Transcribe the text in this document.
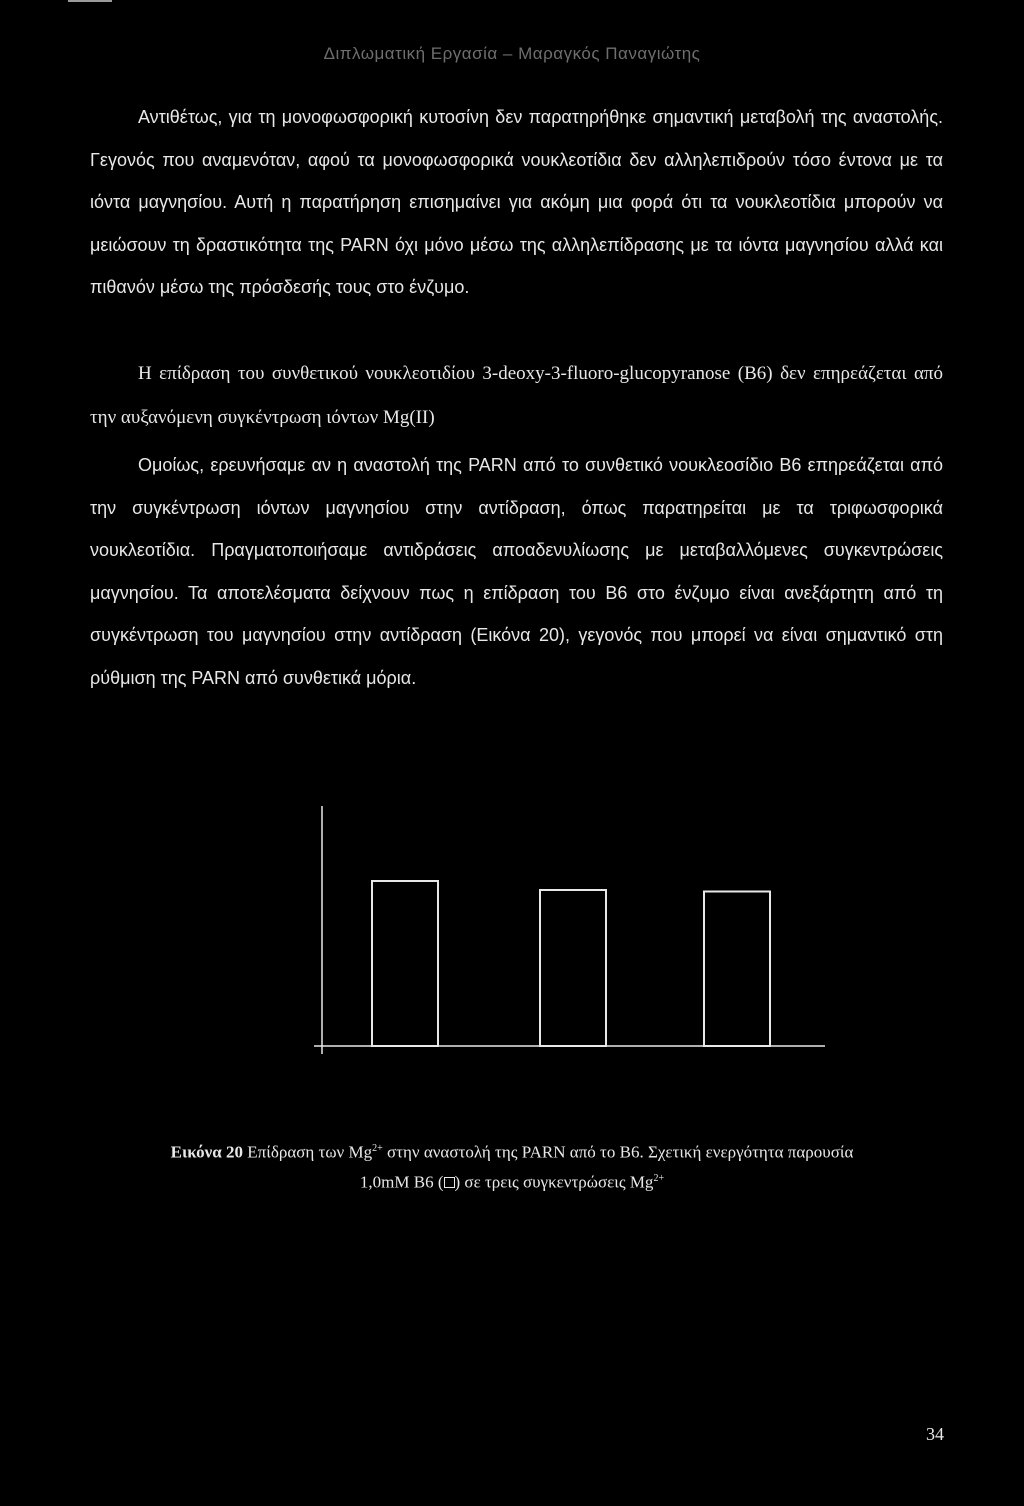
Διπλωματική Εργασία – Μαραγκός Παναγιώτης

Αντιθέτως, για τη μονοφωσφορική κυτοσίνη δεν παρατηρήθηκε σημαντική μεταβολή της αναστολής. Γεγονός που αναμενόταν, αφού τα μονοφωσφορικά νουκλεοτίδια δεν αλληλεπιδρούν τόσο έντονα με τα ιόντα μαγνησίου. Αυτή η παρατήρηση επισημαίνει για ακόμη μια φορά ότι τα νουκλεοτίδια μπορούν να μειώσουν τη δραστικότητα της PARN όχι μόνο μέσω της αλληλεπίδρασης με τα ιόντα μαγνησίου αλλά και πιθανόν μέσω της πρόσδεσής τους στο ένζυμο.

Η επίδραση του συνθετικού νουκλεοτιδίου 3-deoxy-3-fluoro-glucopyranose (B6) δεν επηρεάζεται από την αυξανόμενη συγκέντρωση ιόντων Mg(II)

Ομοίως, ερευνήσαμε αν η αναστολή της PARN από το συνθετικό νουκλεοσίδιο B6 επηρεάζεται από την συγκέντρωση ιόντων μαγνησίου στην αντίδραση, όπως παρατηρείται με τα τριφωσφορικά νουκλεοτίδια. Πραγματοποιήσαμε αντιδράσεις αποαδενυλίωσης με μεταβαλλόμενες συγκεντρώσεις μαγνησίου. Τα αποτελέσματα δείχνουν πως η επίδραση του B6 στο ένζυμο είναι ανεξάρτητη από τη συγκέντρωση του μαγνησίου στην αντίδραση (Εικόνα 20), γεγονός που μπορεί να είναι σημαντικό στη ρύθμιση της PARN από συνθετικά μόρια.

Εικόνα 20 Επίδραση των $Mg^{2+}$ στην αναστολή της PARN από το B6. Σχετική ενεργότητα παρουσία 1,0mM B6 ( ) σε τρεις συγκεντρώσεις $Mg^{2+}$
34
